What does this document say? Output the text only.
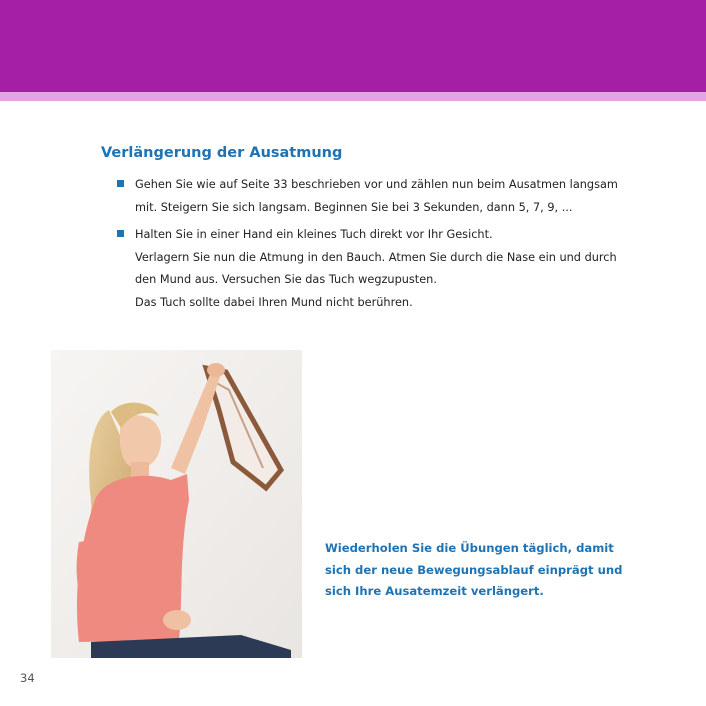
Verlängerung der Ausatmung
Gehen Sie wie auf Seite 33 beschrieben vor und zählen nun beim Ausatmen langsam
mit. Steigern Sie sich langsam. Beginnen Sie bei 3 Sekunden, dann 5, 7, 9, ...
Halten Sie in einer Hand ein kleines Tuch direkt vor Ihr Gesicht.
Verlagern Sie nun die Atmung in den Bauch. Atmen Sie durch die Nase ein und durch
den Mund aus. Versuchen Sie das Tuch wegzupusten.
Das Tuch sollte dabei Ihren Mund nicht berühren.
Wiederholen Sie die Übungen täglich, damit
sich der neue Bewegungsablauf einprägt und
sich Ihre Ausatemzeit verlängert.
34
